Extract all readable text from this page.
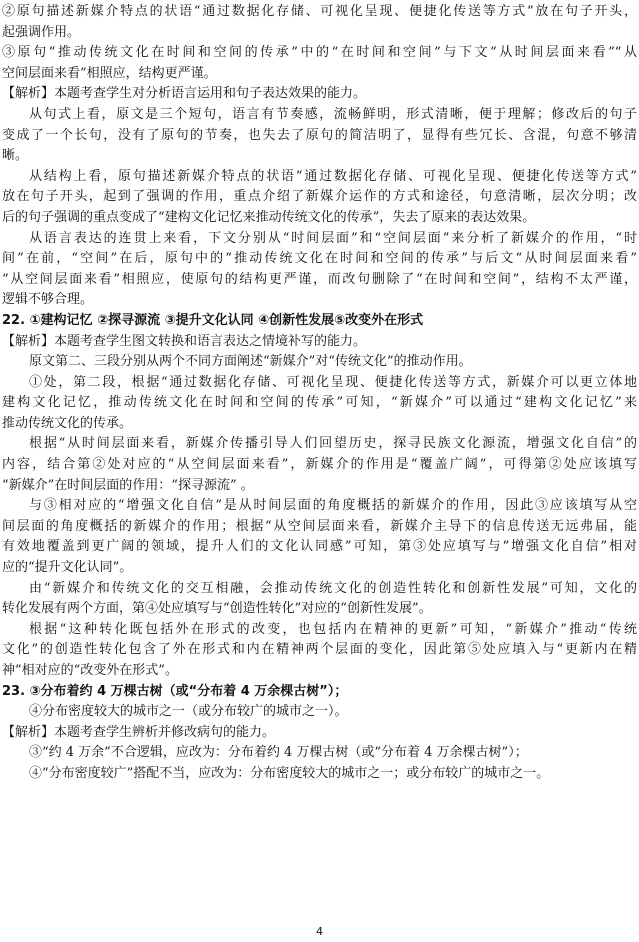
②原句描述新媒介特点的状语“通过数据化存储、可视化呈现、便捷化传送等方式”放在句子开头，
起强调作用。
③原句“推动传统文化在时间和空间的传承”中的“在时间和空间”与下文“从时间层面来看”“从
空间层面来看”相照应，结构更严谨。
【解析】本题考查学生对分析语言运用和句子表达效果的能力。
从句式上看，原文是三个短句，语言有节奏感，流畅鲜明，形式清晰，便于理解；修改后的句子
变成了一个长句，没有了原句的节奏，也失去了原句的简洁明了，显得有些冗长、含混，句意不够清
晰。
从结构上看，原句描述新媒介特点的状语“通过数据化存储、可视化呈现、便捷化传送等方式”
放在句子开头，起到了强调的作用，重点介绍了新媒介运作的方式和途径，句意清晰，层次分明；改
后的句子强调的重点变成了“建构文化记忆来推动传统文化的传承”，失去了原来的表达效果。
从语言表达的连贯上来看，下文分别从“时间层面”和“空间层面”来分析了新媒介的作用，“时
间”在前，“空间”在后，原句中的“推动传统文化在时间和空间的传承”与后文“从时间层面来看”
“从空间层面来看”相照应，使原句的结构更严谨，而改句删除了“在时间和空间”，结构不太严谨，
逻辑不够合理。
22. ①建构记忆 ②探寻源流 ③提升文化认同 ④创新性发展⑤改变外在形式
【解析】本题考查学生图文转换和语言表达之情境补写的能力。
原文第二、三段分别从两个不同方面阐述“新媒介”对“传统文化”的推动作用。
①处，第二段，根据“通过数据化存储、可视化呈现、便捷化传送等方式，新媒介可以更立体地
建构文化记忆，推动传统文化在时间和空间的传承”可知，“新媒介”可以通过“建构文化记忆”来
推动传统文化的传承。
根据“从时间层面来看，新媒介传播引导人们回望历史，探寻民族文化源流，增强文化自信”的
内容，结合第②处对应的“从空间层面来看”，新媒介的作用是“覆盖广阔”，可得第②处应该填写
“新媒介”在时间层面的作用：“探寻源流” 。
与③相对应的“增强文化自信”是从时间层面的角度概括的新媒介的作用，因此③应该填写从空
间层面的角度概括的新媒介的作用；根据“从空间层面来看，新媒介主导下的信息传送无远弗届，能
有效地覆盖到更广阔的领域，提升人们的文化认同感”可知，第③处应填写与“增强文化自信”相对
应的“提升文化认同”。
由“新媒介和传统文化的交互相融，会推动传统文化的创造性转化和创新性发展”可知，文化的
转化发展有两个方面，第④处应填写与“创造性转化”对应的“创新性发展”。
根据“这种转化既包括外在形式的改变，也包括内在精神的更新”可知，“新媒介”推动“传统
文化”的创造性转化包含了外在形式和内在精神两个层面的变化，因此第⑤处应填入与“更新内在精
神”相对应的“改变外在形式”。
23. ③分布着约 4 万棵古树（或“分布着 4 万余棵古树”）；
④分布密度较大的城市之一（或分布较广的城市之一）。
【解析】本题考查学生辨析并修改病句的能力。
③“约 4 万余”不合逻辑，应改为：分布着约 4 万棵古树（或“分布着 4 万余棵古树”）；
④“分布密度较广”搭配不当，应改为：分布密度较大的城市之一；或分布较广的城市之一。
4
